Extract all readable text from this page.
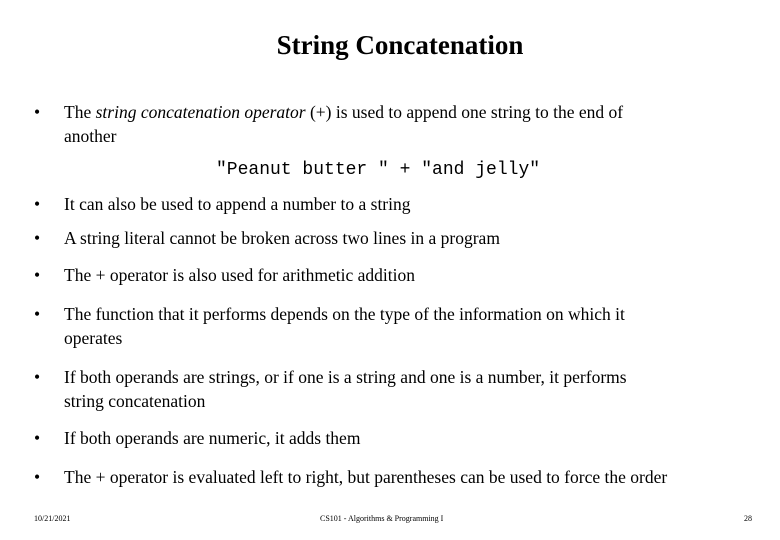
String Concatenation
• The string concatenation operator (+) is used to append one string to the end of
another
"Peanut butter " + "and jelly"
• It can also be used to append a number to a string
• A string literal cannot be broken across two lines in a program
• The + operator is also used for arithmetic addition
• The function that it performs depends on the type of the information on which it
operates
• If both operands are strings, or if one is a string and one is a number, it performs
string concatenation
• If both operands are numeric, it adds them
• The + operator is evaluated left to right, but parentheses can be used to force the order
10/21/2021	CS101 - Algorithms & Programming I	28
